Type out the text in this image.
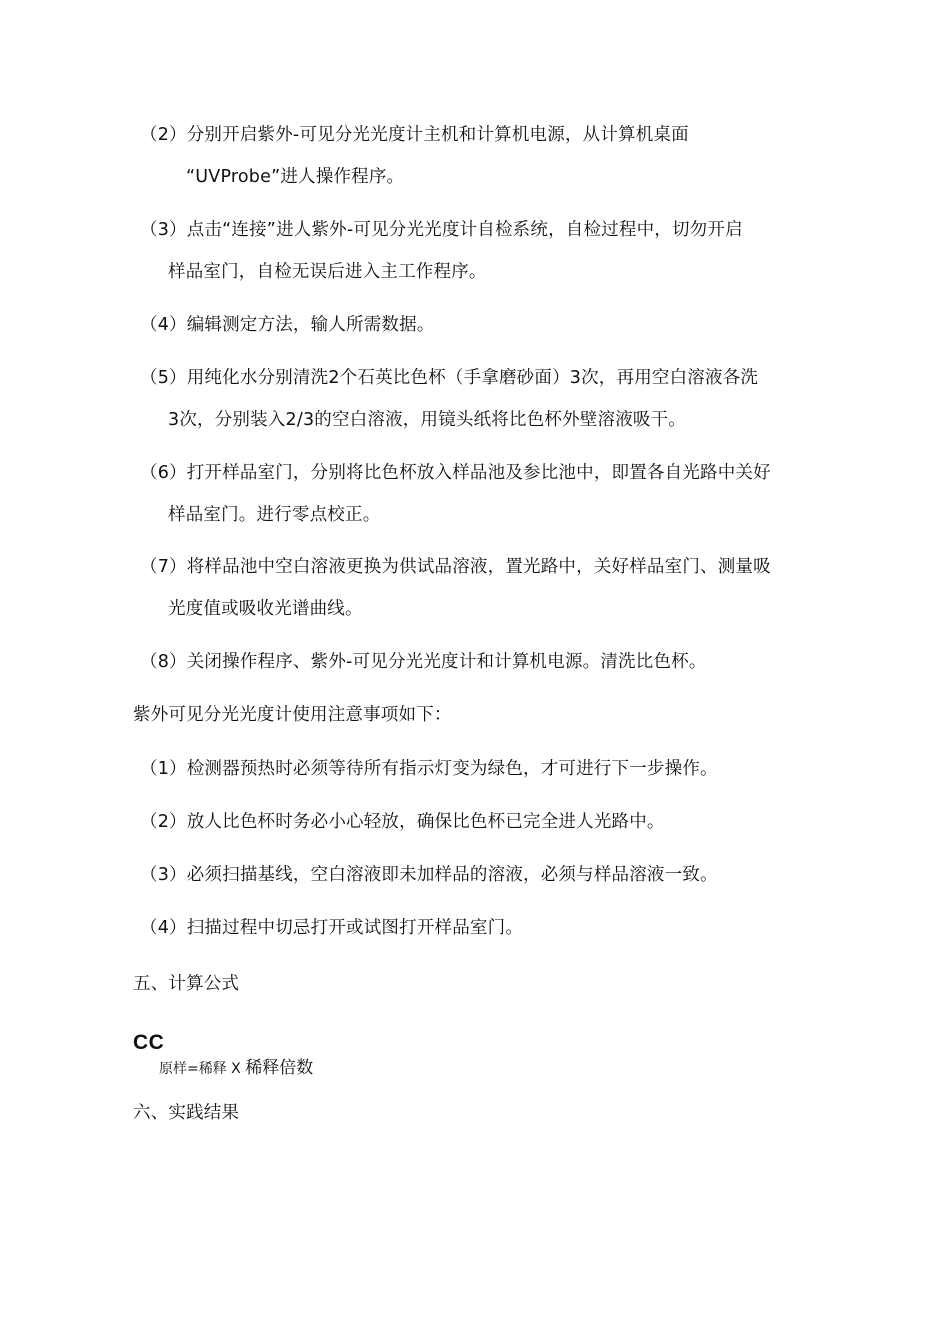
（2）分别开启紫外-可见分光光度计主机和计算机电源，从计算机桌面
“UVProbe”进人操作程序。
（3）点击“连接”进人紫外-可见分光光度计自检系统，自检过程中，切勿开启
样品室门，自检无误后进入主工作程序。
（4）编辑测定方法，输人所需数据。
（5）用纯化水分别清洗2个石英比色杯（手拿磨砂面）3次，再用空白溶液各洗
3次，分别装入2/3的空白溶液，用镜头纸将比色杯外壁溶液吸干。
（6）打开样品室门，分别将比色杯放入样品池及参比池中，即置各自光路中关好
样品室门。进行零点校正。
（7）将样品池中空白溶液更换为供试品溶液，置光路中，关好样品室门、测量吸
光度值或吸收光谱曲线。
（8）关闭操作程序、紫外-可见分光光度计和计算机电源。清洗比色杯。
紫外可见分光光度计使用注意事项如下：
（1）检测器预热时必须等待所有指示灯变为绿色，才可进行下一步操作。
（2）放人比色杯时务必小心轻放，确保比色杯已完全进人光路中。
（3）必须扫描基线，空白溶液即未加样品的溶液，必须与样品溶液一致。
（4）扫描过程中切忌打开或试图打开样品室门。
五、计算公式
CC
原样=稀释 X 稀释倍数
六、实践结果
